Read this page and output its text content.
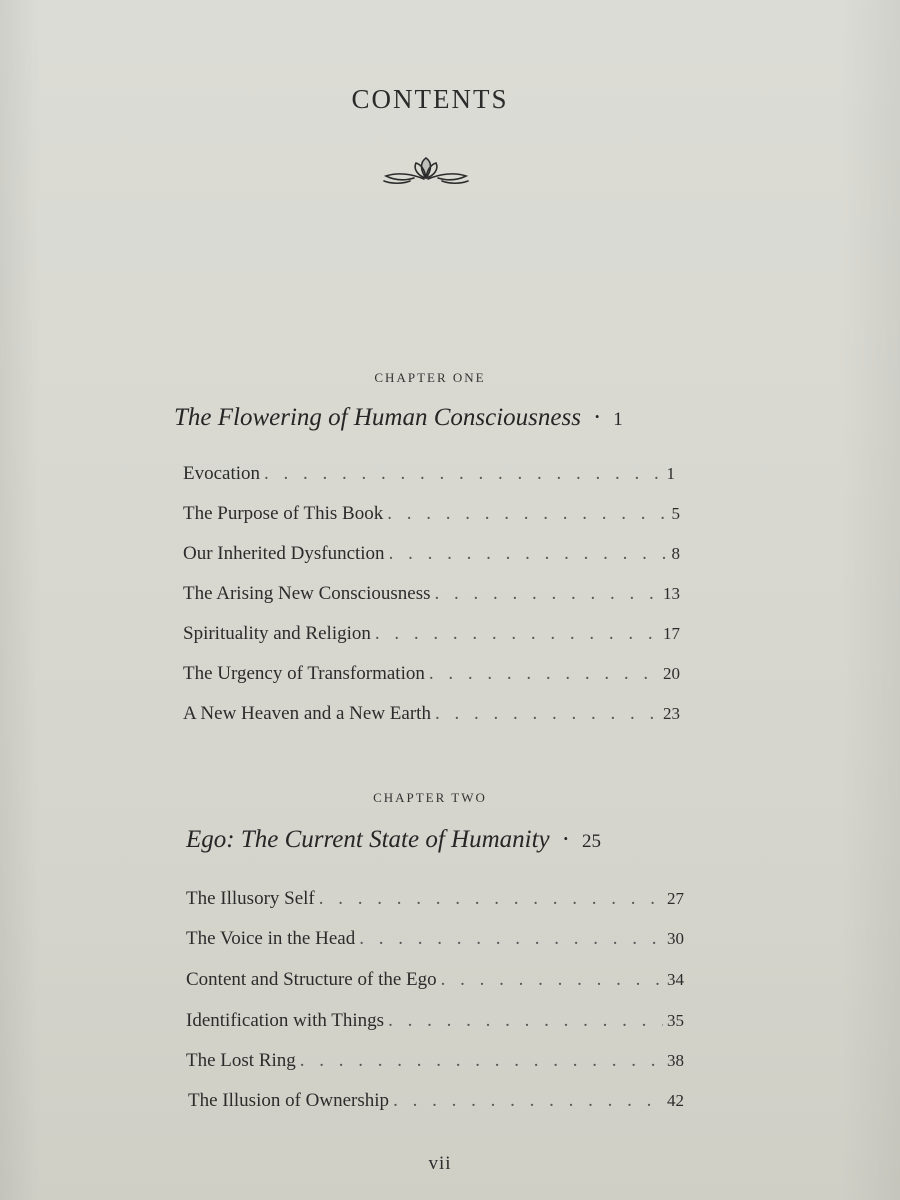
CONTENTS
CHAPTER ONE
The Flowering of Human Consciousness · 1
Evocation . . .	1
The Purpose of This Book . . .	5
Our Inherited Dysfunction . . .	8
The Arising New Consciousness . . .	13
Spirituality and Religion . . .	17
The Urgency of Transformation . . .	20
A New Heaven and a New Earth . . .	23
CHAPTER TWO
Ego: The Current State of Humanity · 25
The Illusory Self . . .	27
The Voice in the Head . . .	30
Content and Structure of the Ego . . .	34
Identification with Things . . .	35
The Lost Ring . . .	38
The Illusion of Ownership . . .	42
vii
